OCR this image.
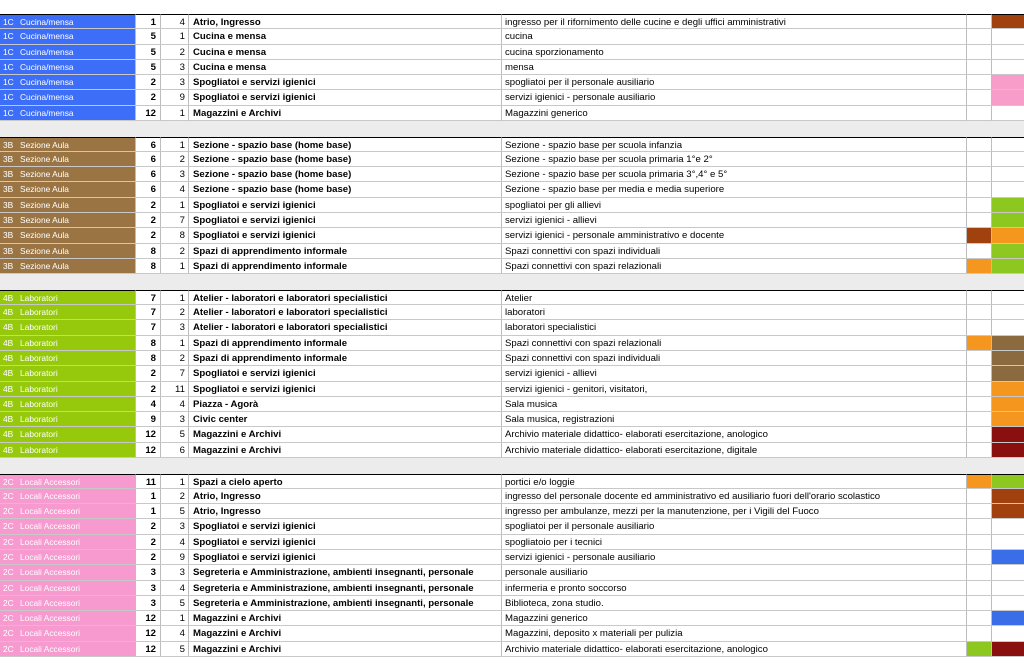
1C Cucina/mensa	1	4 Atrio, Ingresso	ingresso per il rifornimento delle cucine e degli uffici amministrativi
1C Cucina/mensa	5	1 Cucina e mensa	cucina
1C Cucina/mensa	5	2 Cucina e mensa	cucina sporzionamento
1C Cucina/mensa	5	3 Cucina e mensa	mensa
1C Cucina/mensa	2	3 Spogliatoi e servizi igienici	spogliatoi per il personale ausiliario
1C Cucina/mensa	2	9 Spogliatoi e servizi igienici	servizi igienici - personale ausiliario
1C Cucina/mensa	12	1 Magazzini e Archivi	Magazzini generico
3B Sezione Aula	6	1 Sezione - spazio base (home base)	Sezione - spazio base per scuola infanzia
3B Sezione Aula	6	2 Sezione - spazio base (home base)	Sezione - spazio base per scuola primaria 1°e 2°
3B Sezione Aula	6	3 Sezione - spazio base (home base)	Sezione - spazio base per scuola primaria 3°,4° e 5°
3B Sezione Aula	6	4 Sezione - spazio base (home base)	Sezione - spazio base per media e media superiore
3B Sezione Aula	2	1 Spogliatoi e servizi igienici	spogliatoi per gli allievi
3B Sezione Aula	2	7 Spogliatoi e servizi igienici	servizi igienici - allievi
3B Sezione Aula	2	8 Spogliatoi e servizi igienici	servizi igienici - personale amministrativo e docente
3B Sezione Aula	8	2 Spazi di apprendimento informale	Spazi connettivi con spazi individuali
3B Sezione Aula	8	1 Spazi di apprendimento informale	Spazi connettivi con spazi relazionali
4B Laboratori	7	1 Atelier - laboratori e laboratori specialistici	Atelier
4B Laboratori	7	2 Atelier - laboratori e laboratori specialistici	laboratori
4B Laboratori	7	3 Atelier - laboratori e laboratori specialistici	laboratori specialistici
4B Laboratori	8	1 Spazi di apprendimento informale	Spazi connettivi con spazi relazionali
4B Laboratori	8	2 Spazi di apprendimento informale	Spazi connettivi con spazi individuali
4B Laboratori	2	7 Spogliatoi e servizi igienici	servizi igienici - allievi
4B Laboratori	2	11 Spogliatoi e servizi igienici	servizi igienici - genitori, visitatori,
4B Laboratori	4	4 Piazza - Agorà	Sala musica
4B Laboratori	9	3 Civic center	Sala musica, registrazioni
4B Laboratori	12	5 Magazzini e Archivi	Archivio materiale didattico- elaborati esercitazione, anologico
4B Laboratori	12	6 Magazzini e Archivi	Archivio materiale didattico- elaborati esercitazione, digitale
2C Locali Accessori	11	1 Spazi a cielo aperto	portici e/o loggie
2C Locali Accessori	1	2 Atrio, Ingresso	ingresso del personale docente ed amministrativo ed ausiliario fuori dell'orario scolastico
2C Locali Accessori	1	5 Atrio, Ingresso	ingresso per ambulanze, mezzi per la manutenzione, per i Vigili del Fuoco
2C Locali Accessori	2	3 Spogliatoi e servizi igienici	spogliatoi per il personale ausiliario
2C Locali Accessori	2	4 Spogliatoi e servizi igienici	spogliatoio per i tecnici
2C Locali Accessori	2	9 Spogliatoi e servizi igienici	servizi igienici - personale ausiliario
2C Locali Accessori	3	3 Segreteria e Amministrazione, ambienti insegnanti, personale	personale ausiliario
2C Locali Accessori	3	4 Segreteria e Amministrazione, ambienti insegnanti, personale	infermeria e pronto soccorso
2C Locali Accessori	3	5 Segreteria e Amministrazione, ambienti insegnanti, personale	Biblioteca, zona studio.
2C Locali Accessori	12	1 Magazzini e Archivi	Magazzini generico
2C Locali Accessori	12	4 Magazzini e Archivi	Magazzini, deposito x materiali per pulizia
2C Locali Accessori	12	5 Magazzini e Archivi	Archivio materiale didattico- elaborati esercitazione, anologico
